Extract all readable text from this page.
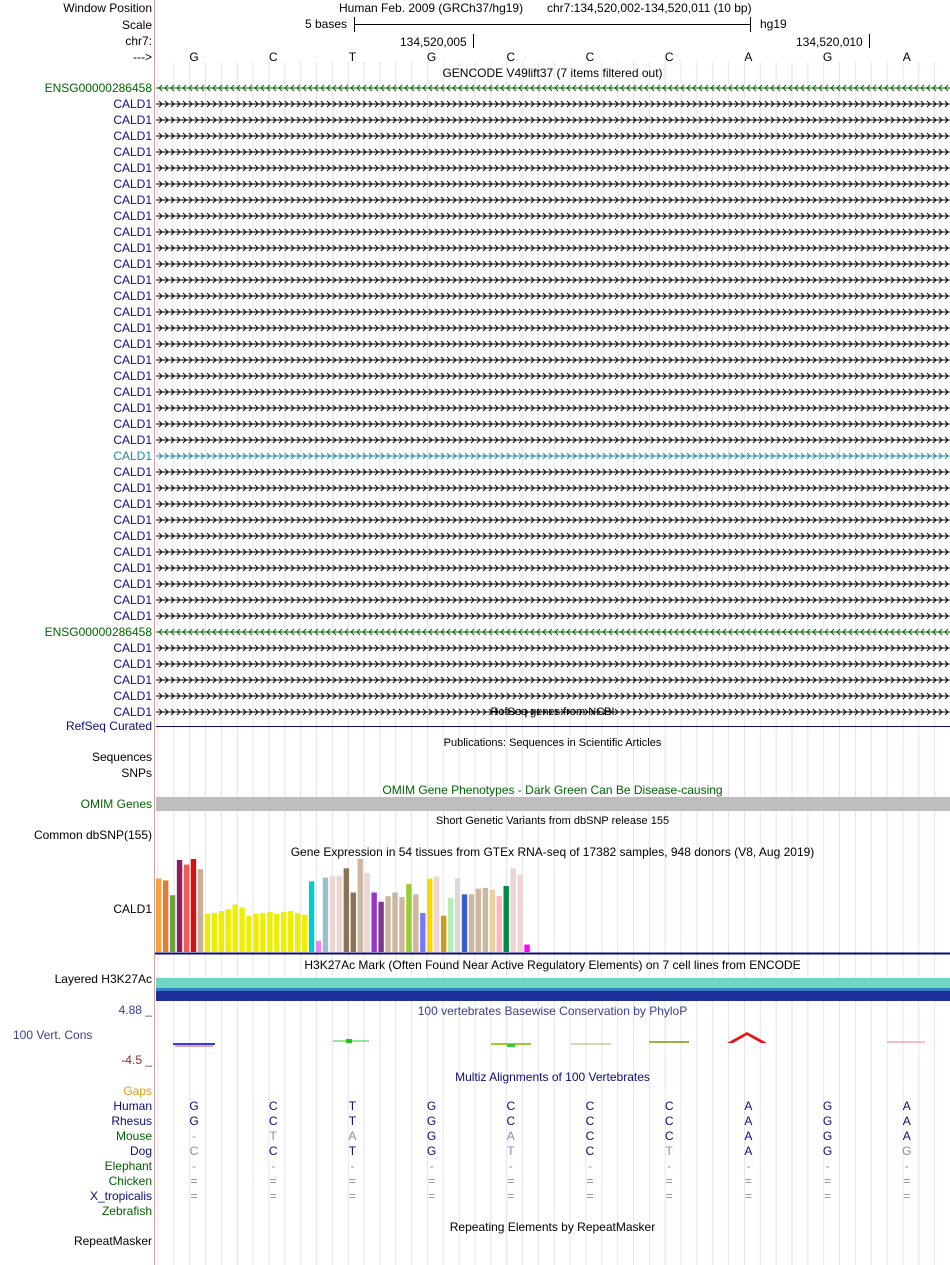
Window Position
Scale
chr7:
--->
Human Feb. 2009 (GRCh37/hg19) chr7:134,520,002-134,520,011 (10 bp)
5 bases	hg19
134,520,005	134,520,010
G	C	T	G	C	C	C	A	G	A
GENCODE V49lift37 (7 items filtered out)
ENSG00000286458
CALD1
CALD1
CALD1
CALD1
CALD1
CALD1
CALD1
CALD1
CALD1
CALD1
CALD1
CALD1
CALD1
CALD1
CALD1
CALD1
CALD1
CALD1
CALD1
CALD1
CALD1
CALD1
CALD1
CALD1
CALD1
CALD1
CALD1
CALD1
CALD1
CALD1
CALD1
CALD1
CALD1
ENSG00000286458
CALD1
CALD1
CALD1
CALD1
CALD1	RefSeq genes from NCBI
RefSeq Curated
Publications: Sequences in Scientific Articles
Sequences
SNPs
OMIM Gene Phenotypes - Dark Green Can Be Disease-causing
OMIM Genes
Short Genetic Variants from dbSNP release 155
Common dbSNP(155)
Gene Expression in 54 tissues from GTEx RNA-seq of 17382 samples, 948 donors (V8, Aug 2019)
CALD1
H3K27Ac Mark (Often Found Near Active Regulatory Elements) on 7 cell lines from ENCODE
Layered H3K27Ac
100 vertebrates Basewise Conservation by PhyloP
4.88 _
100 Vert. Cons
-4.5 _
Multiz Alignments of 100 Vertebrates
Gaps
Human	G	C	T	G	C	C	C	A	G	A
Rhesus	G	C	T	G	C	C	C	A	G	A
Mouse	-	T	A	G	A	C	C	A	G	A
Dog	C	C	T	G	T	C	T	A	G	G
Elephant	-	-	-	-	-	-	-	-	-	-
Chicken	=	=	=	=	=	=	=	=	=	=
X_tropicalis	=	=	=	=	=	=	=	=	=	=
Zebrafish
Repeating Elements by RepeatMasker
RepeatMasker
